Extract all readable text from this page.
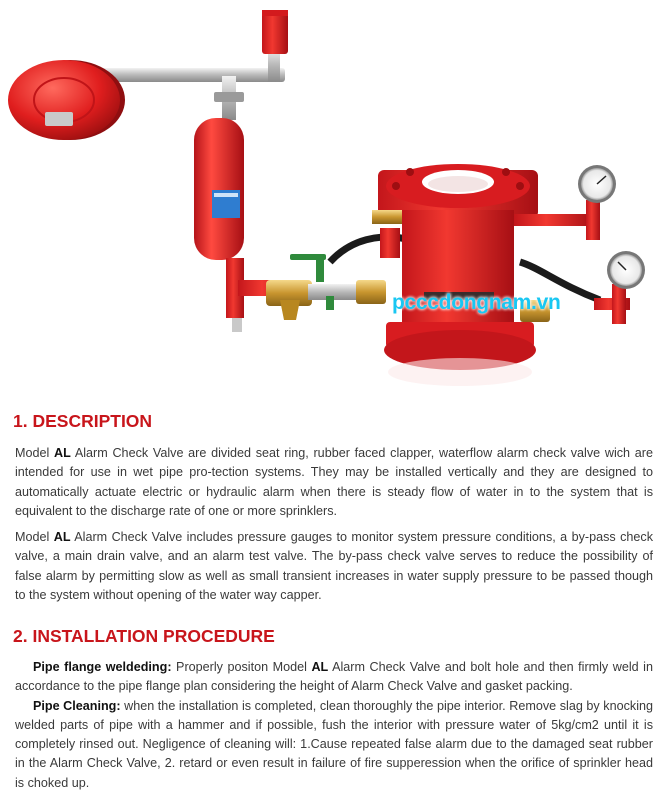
pcccdongnam.vn
1. DESCRIPTION

Model AL Alarm Check Valve are divided seat ring, rubber faced clapper, waterflow alarm check valve wich are intended for use in wet pipe pro-tection systems. They may be installed vertically and they are designed to automatically actuate electric or hydraulic alarm when there is steady flow of water in to the system that is equivalent to the discharge rate of one or more sprinklers.

Model AL Alarm Check Valve includes pressure gauges to monitor system pressure conditions, a by-pass check valve, a main drain valve, and an alarm test valve. The by-pass check valve serves to reduce the possibility of false alarm by permitting slow as well as small transient increases in water supply pressure to be passed though to the system without opening of the water way capper.

2. INSTALLATION PROCEDURE

Pipe flange weldeding: Properly positon Model AL Alarm Check Valve and bolt hole and then firmly weld in accordance to the pipe flange plan considering the height of Alarm Check Valve and gasket packing.
Pipe Cleaning: when the installation is completed, clean thoroughly the pipe interior. Remove slag by knocking welded parts of pipe with a hammer and if possible, fush the interior with pressure water of 5kg/cm2 until it is completely rinsed out. Negligence of cleaning will: 1.Cause repeated false alarm due to the damaged seat rubber in the Alarm Check Valve, 2. retard or even result in failure of fire supperession when the orifice of sprinkler head is choked up.
